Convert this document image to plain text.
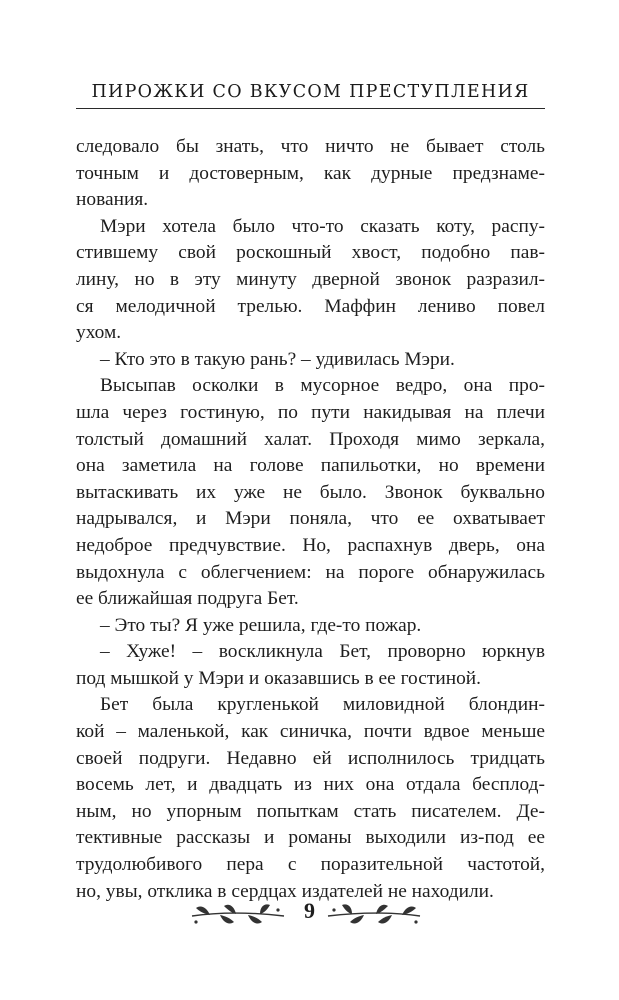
ПИРОЖКИ СО ВКУСОМ ПРЕСТУПЛЕНИЯ
следовало бы знать, что ничто не бывает столь
точным и достоверным, как дурные предзнаме-
нования.
Мэри хотела было что-то сказать коту, распу-
стившему свой роскошный хвост, подобно пав-
лину, но в эту минуту дверной звонок разразил-
ся мелодичной трелью. Маффин лениво повел
ухом.
– Кто это в такую рань? – удивилась Мэри.
Высыпав осколки в мусорное ведро, она про-
шла через гостиную, по пути накидывая на плечи
толстый домашний халат. Проходя мимо зеркала,
она заметила на голове папильотки, но времени
вытаскивать их уже не было. Звонок буквально
надрывался, и Мэри поняла, что ее охватывает
недоброе предчувствие. Но, распахнув дверь, она
выдохнула с облегчением: на пороге обнаружилась
ее ближайшая подруга Бет.
– Это ты? Я уже решила, где-то пожар.
– Хуже! – воскликнула Бет, проворно юркнув
под мышкой у Мэри и оказавшись в ее гостиной.
Бет была кругленькой миловидной блондин-
кой – маленькой, как синичка, почти вдвое меньше
своей подруги. Недавно ей исполнилось тридцать
восемь лет, и двадцать из них она отдала бесплод-
ным, но упорным попыткам стать писателем. Де-
тективные рассказы и романы выходили из-под ее
трудолюбивого пера с поразительной частотой,
но, увы, отклика в сердцах издателей не находили.
9
